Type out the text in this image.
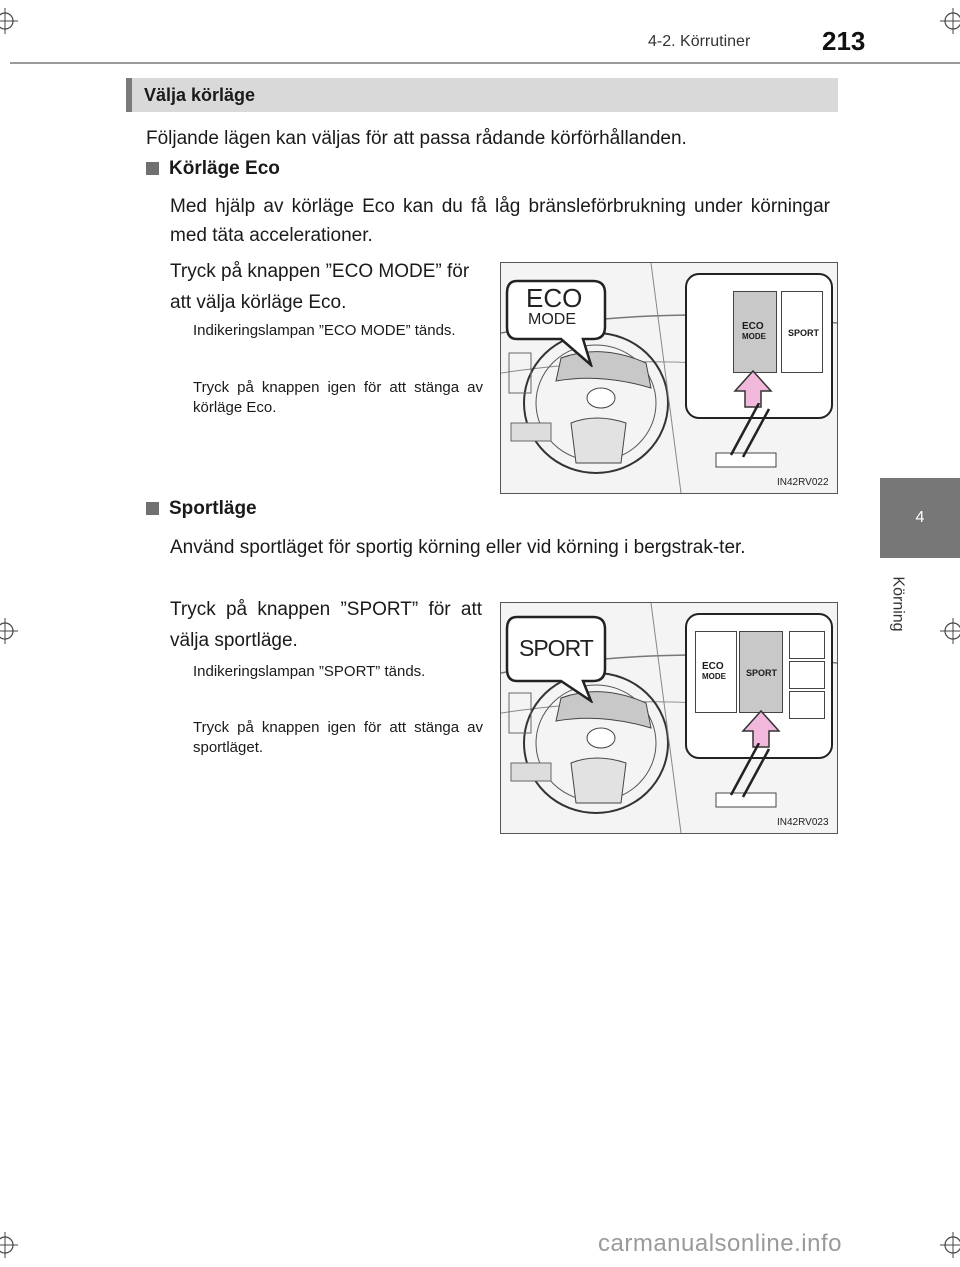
4-2. Körrutiner	213
4
Körning
Välja körläge
Följande lägen kan väljas för att passa rådande körförhållanden.
Körläge Eco
Med hjälp av körläge Eco kan du få låg bränsleförbrukning under körningar med täta accelerationer.
Tryck på knappen ”ECO MODE” för att välja körläge Eco.
Indikeringslampan ”ECO MODE” tänds.
Tryck på knappen igen för att stänga av körläge Eco.
ECO
MODE	ECO
MODE SPORT
IN42RV022
Sportläge
Använd sportläget för sportig körning eller vid körning i bergstrak-ter.
Tryck på knappen ”SPORT” för att välja sportläge.
Indikeringslampan ”SPORT” tänds.
Tryck på knappen igen för att stänga av sportläget.
SPORT
ECO
MODE SPORT
IN42RV023
carmanualsonline.info
